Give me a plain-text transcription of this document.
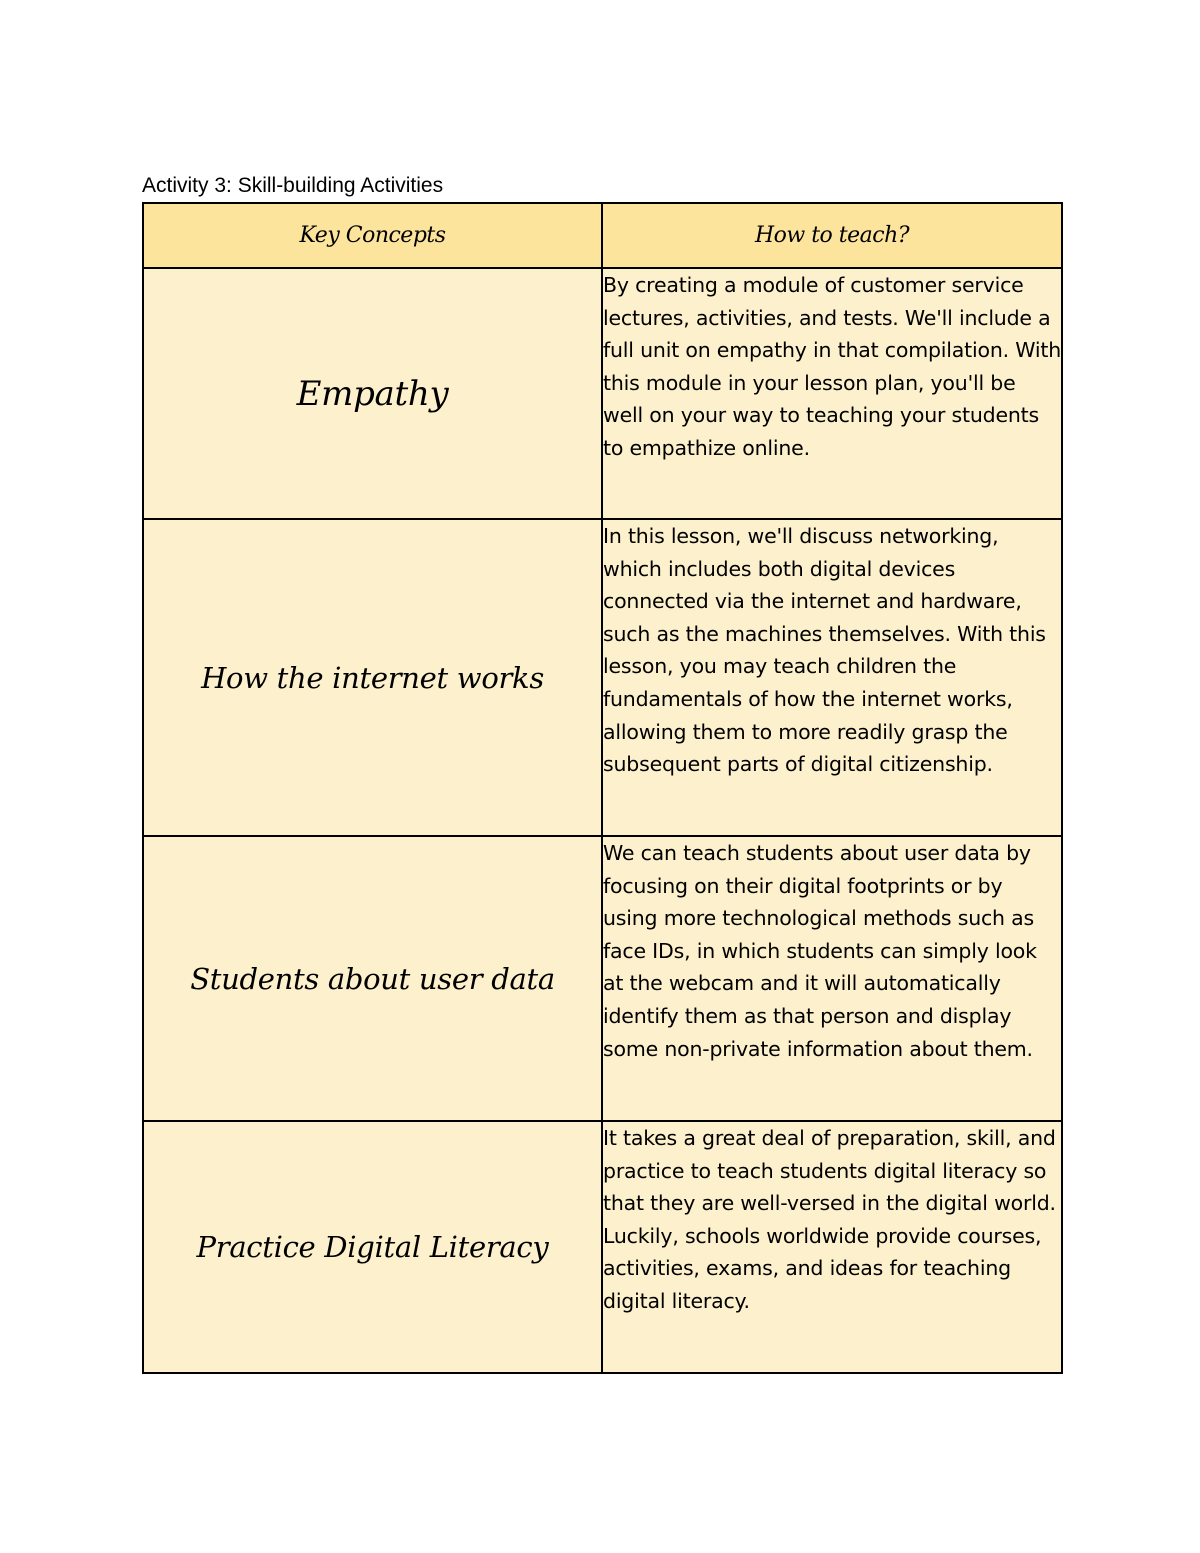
Activity 3: Skill-building Activities
Key Concepts	How to teach?
Empathy	By creating a module of customer service lectures, activities, and tests. We'll include a full unit on empathy in that compilation. With this module in your lesson plan, you'll be well on your way to teaching your students to empathize online.

How the internet works	In this lesson, we'll discuss networking, which includes both digital devices connected via the internet and hardware, such as the machines themselves. With this lesson, you may teach children the fundamentals of how the internet works, allowing them to more readily grasp the subsequent parts of digital citizenship.

Students about user data	We can teach students about user data by focusing on their digital footprints or by using more technological methods such as face IDs, in which students can simply look at the webcam and it will automatically identify them as that person and display some non-private information about them.

Practice Digital Literacy	It takes a great deal of preparation, skill, and practice to teach students digital literacy so that they are well-versed in the digital world. Luckily, schools worldwide provide courses, activities, exams, and ideas for teaching digital literacy.
